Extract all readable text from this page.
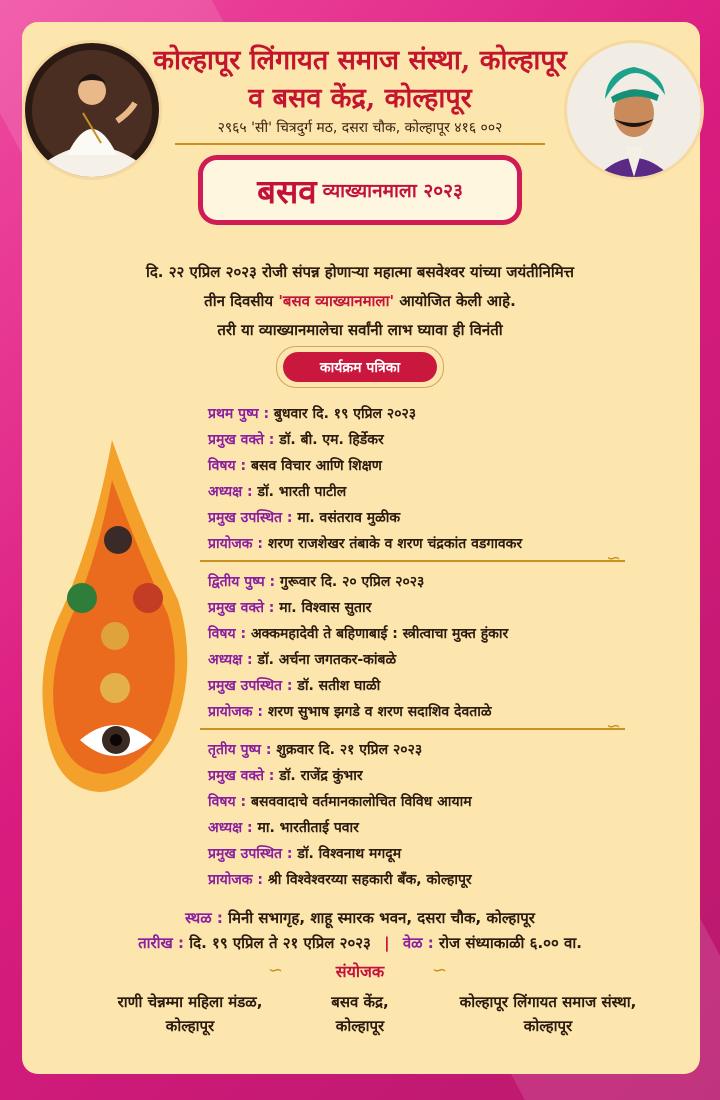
कोल्हापूर लिंगायत समाज संस्था, कोल्हापूर
व बसव केंद्र, कोल्हापूर
२९६५ 'सी' चित्रदुर्ग मठ, दसरा चौक, कोल्हापूर ४१६ ००२
बसव व्याख्यानमाला २०२३
दि. २२ एप्रिल २०२३ रोजी संपन्न होणाऱ्या महात्मा बसवेश्वर यांच्या जयंतीनिमित्त
तीन दिवसीय 'बसव व्याख्यानमाला' आयोजित केली आहे.
तरी या व्याख्यानमालेचा सर्वांनी लाभ घ्यावा ही विनंती
कार्यक्रम पत्रिका
प्रथम पुष्प : बुधवार दि. १९ एप्रिल २०२३
प्रमुख वक्ते : डॉ. बी. एम. हिर्डेकर
विषय : बसव विचार आणि शिक्षण
अध्यक्ष : डॉ. भारती पाटील
प्रमुख उपस्थित : मा. वसंतराव मुळीक
प्रायोजक : शरण राजशेखर तंबाके व शरण चंद्रकांत वडगावकर
∽
द्वितीय पुष्प : गुरूवार दि. २० एप्रिल २०२३
प्रमुख वक्ते : मा. विश्वास सुतार
विषय : अक्कमहादेवी ते बहिणाबाई : स्त्रीत्वाचा मुक्त हुंकार
अध्यक्ष : डॉ. अर्चना जगतकर-कांबळे
प्रमुख उपस्थित : डॉ. सतीश घाळी
प्रायोजक : शरण सुभाष झगडे व शरण सदाशिव देवताळे
∽
तृतीय पुष्प : शुक्रवार दि. २१ एप्रिल २०२३
प्रमुख वक्ते : डॉ. राजेंद्र कुंभार
विषय : बसववादाचे वर्तमानकालोचित विविध आयाम
अध्यक्ष : मा. भारतीताई पवार
प्रमुख उपस्थित : डॉ. विश्वनाथ मगदूम
प्रायोजक : श्री विश्वेश्वरय्या सहकारी बँक, कोल्हापूर
स्थळ : मिनी सभागृह, शाहू स्मारक भवन, दसरा चौक, कोल्हापूर
तारीख : दि. १९ एप्रिल ते २१ एप्रिल २०२३ | वेळ : रोज संध्याकाळी ६.०० वा.
∽	संयोजक	∽
राणी चेन्नम्मा महिला मंडळ,
कोल्हापूर
बसव केंद्र,
कोल्हापूर
कोल्हापूर लिंगायत समाज संस्था,
कोल्हापूर
